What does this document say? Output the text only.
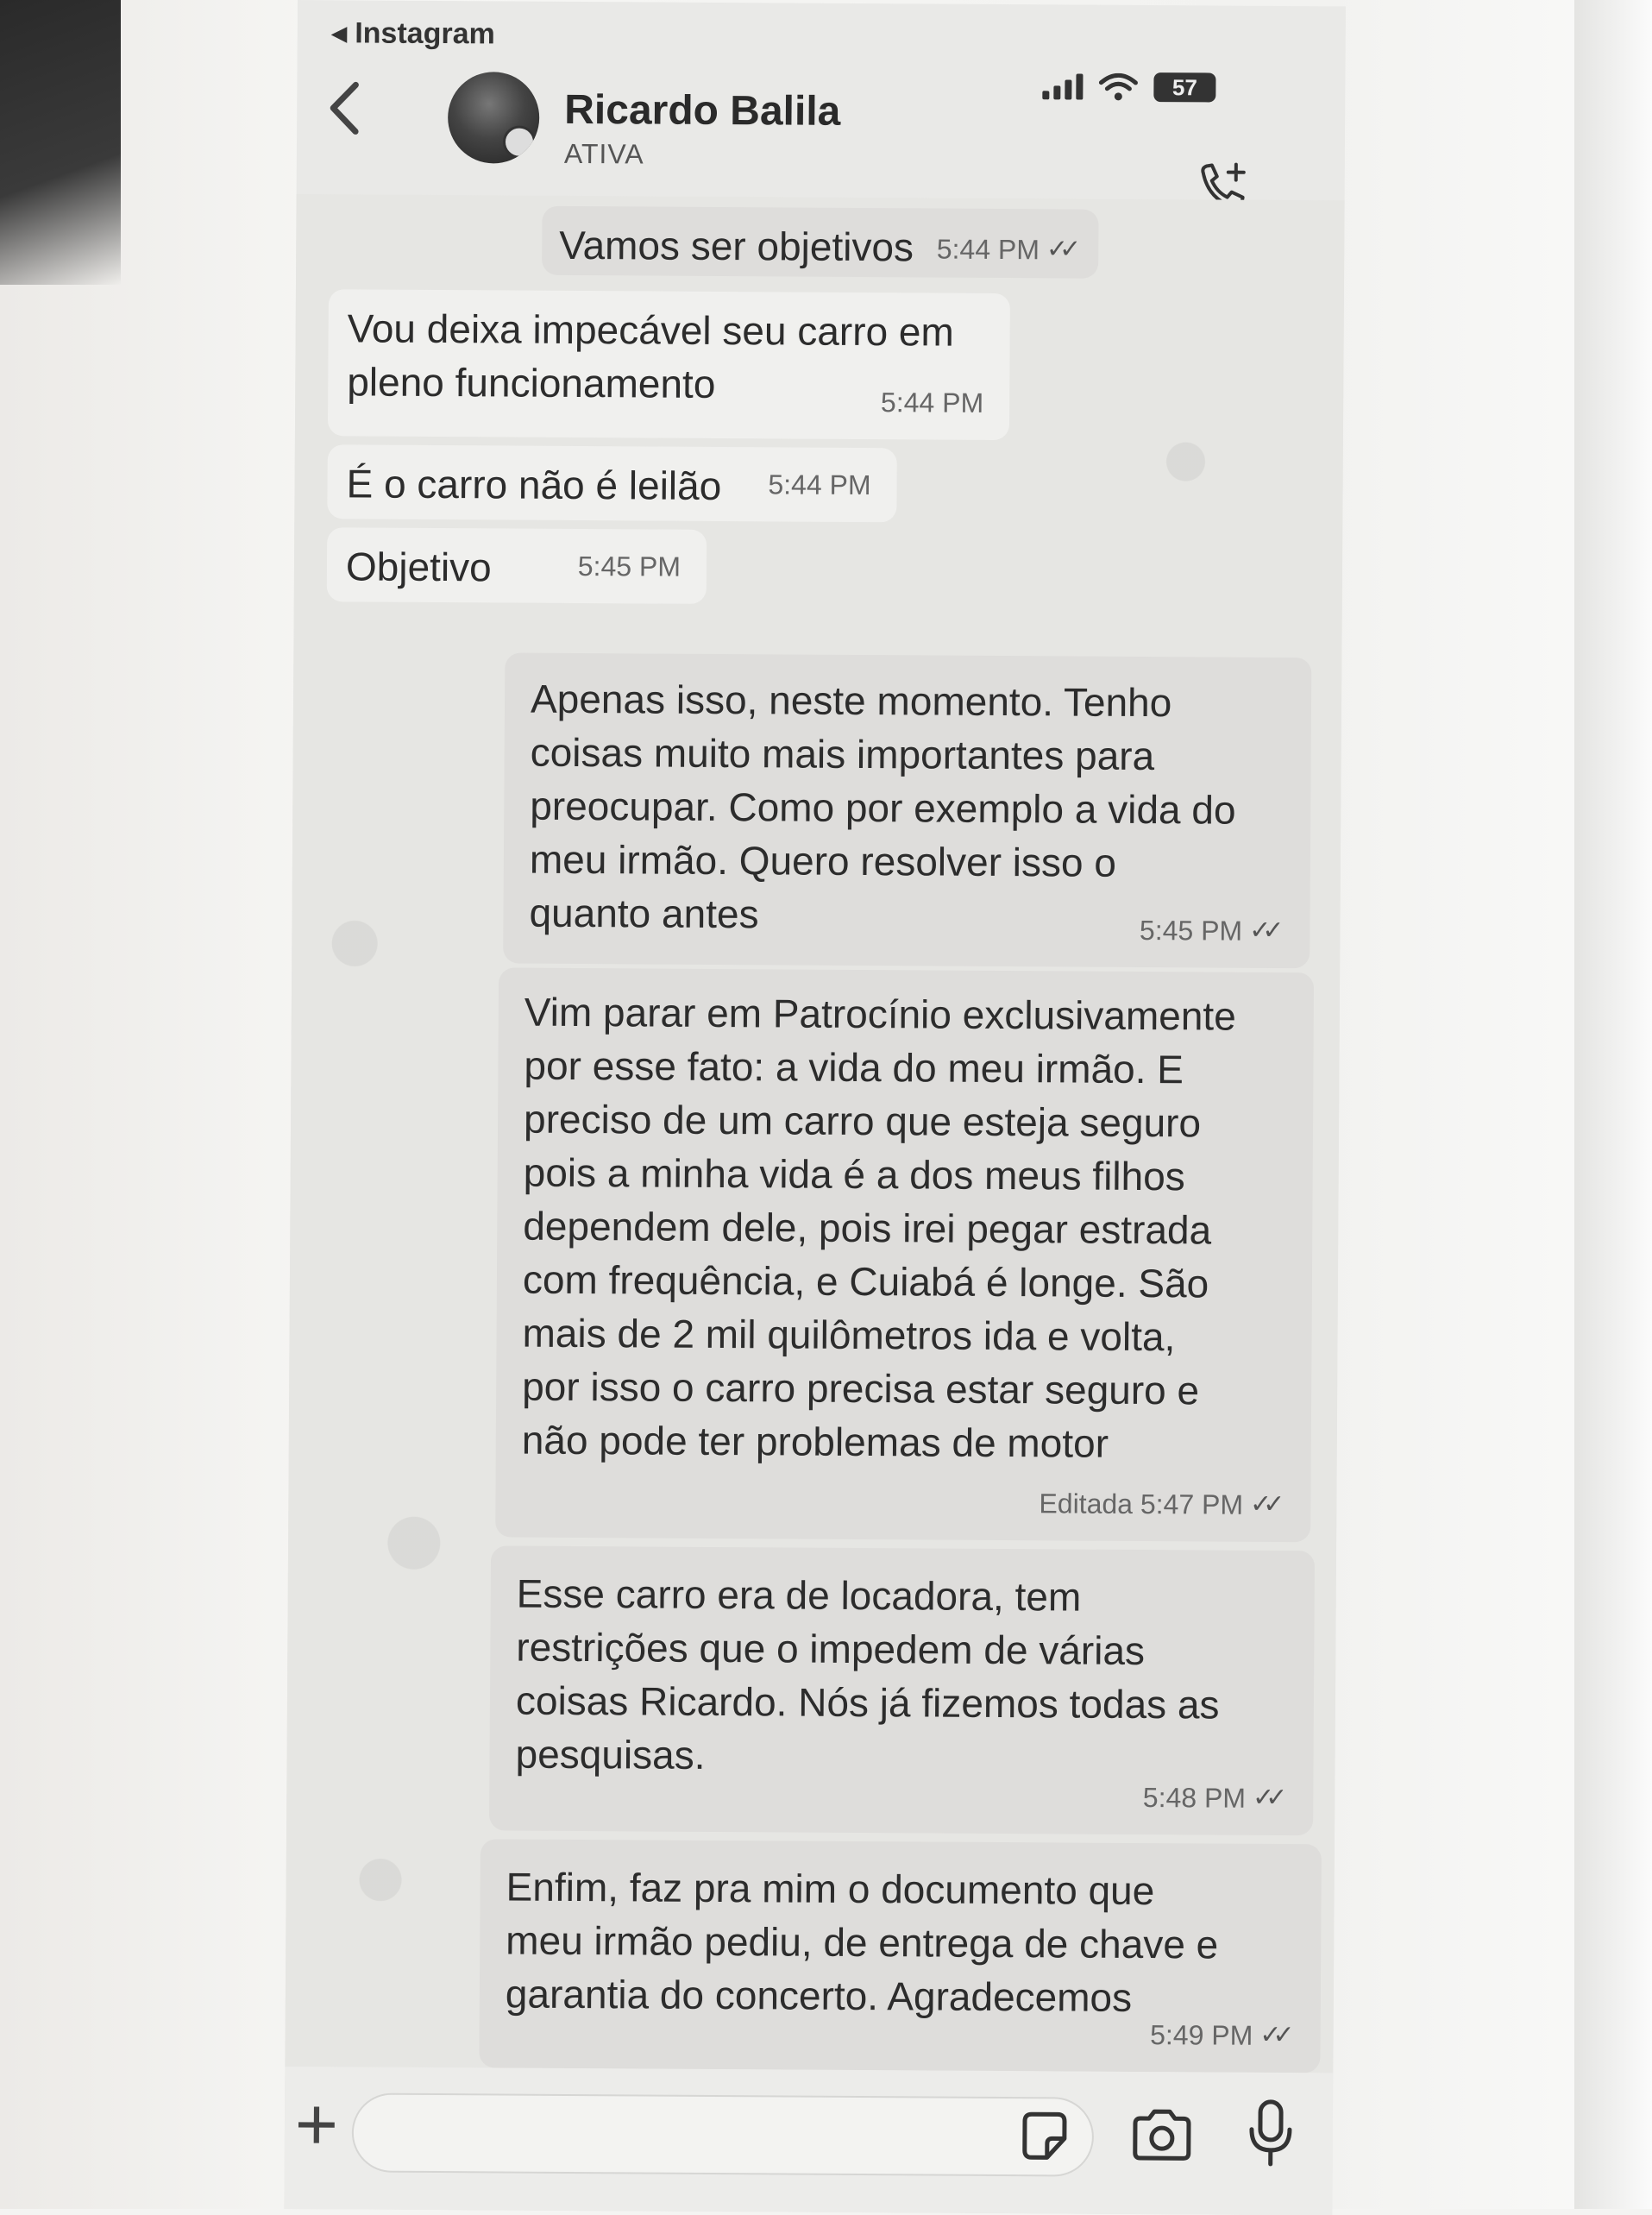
◂ Instagram
57
Ricardo Balila
ATIVA
Vamos ser objetivos 5:44 PM ✓✓
Vou deixa impecável seu carro em
pleno funcionamento	5:44 PM
É o carro não é leilão	5:44 PM
Objetivo	5:45 PM
Apenas isso, neste momento. Tenho
coisas muito mais importantes para
preocupar. Como por exemplo a vida do
meu irmão. Quero resolver isso o
quanto antes	5:45 PM ✓✓
Vim parar em Patrocínio exclusivamente
por esse fato: a vida do meu irmão. E
preciso de um carro que esteja seguro
pois a minha vida é a dos meus filhos
dependem dele, pois irei pegar estrada
com frequência, e Cuiabá é longe. São
mais de 2 mil quilômetros ida e volta,
por isso o carro precisa estar seguro e
não pode ter problemas de motor
Editada 5:47 PM ✓✓
Esse carro era de locadora, tem
restrições que o impedem de várias
coisas Ricardo. Nós já fizemos todas as
pesquisas.
5:48 PM ✓✓
Enfim, faz pra mim o documento que
meu irmão pediu, de entrega de chave e
garantia do concerto. Agradecemos
5:49 PM ✓✓
+
